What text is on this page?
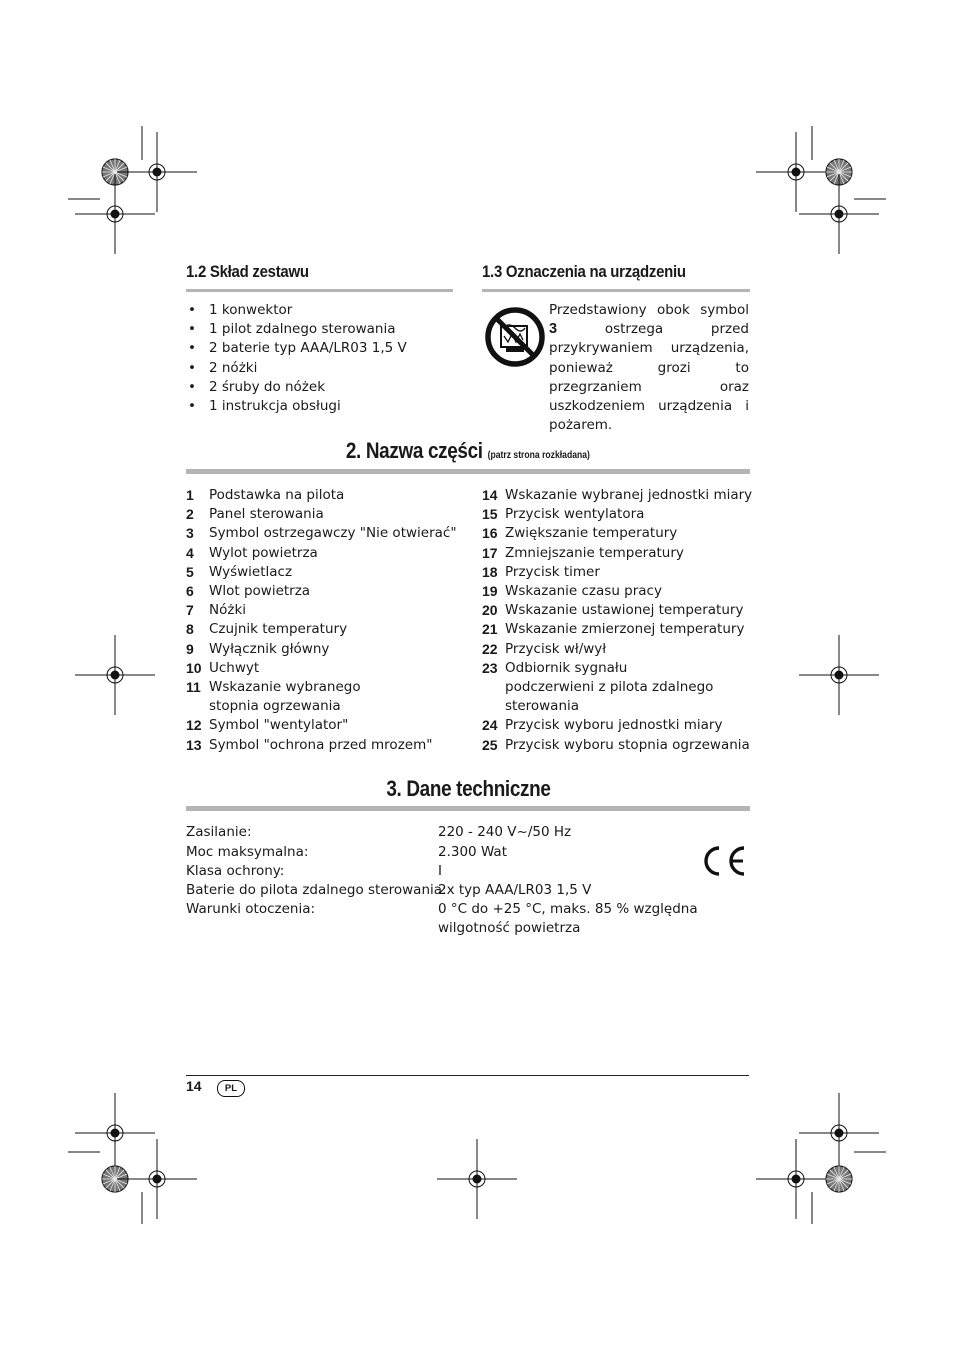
1.2 Skład zestawu
• 1 konwektor
• 1 pilot zdalnego sterowania
• 2 baterie typ AAA/LR03 1,5 V
• 2 nóżki
• 2 śruby do nóżek
• 1 instrukcja obsługi
1.3 Oznaczenia na urządzeniu
Przedstawiony obok symbol 3	ostrzega przed przykrywaniem urządzenia, ponieważ grozi to przegrzaniem oraz uszkodzeniem urządzenia i pożarem.
2. Nazwa części (patrz strona rozkładana)
1 Podstawka na pilota
2 Panel sterowania
3 Symbol ostrzegawczy "Nie otwierać"
4 Wylot powietrza
5 Wyświetlacz
6 Wlot powietrza
7 Nóżki
8 Czujnik temperatury
9 Wyłącznik główny
10 Uchwyt
11 Wskazanie wybranego stopnia ogrzewania
12 Symbol "wentylator"
13 Symbol "ochrona przed mrozem"
14 Wskazanie wybranej jednostki miary
15 Przycisk wentylatora
16 Zwiększanie temperatury
17 Zmniejszanie temperatury
18 Przycisk timer
19 Wskazanie czasu pracy
20 Wskazanie ustawionej temperatury
21 Wskazanie zmierzonej temperatury
22 Przycisk wł/wył
23 Odbiornik sygnału podczerwieni z pilota zdalnego sterowania
24 Przycisk wyboru jednostki miary
25 Przycisk wyboru stopnia ogrzewania
3. Dane techniczne
Zasilanie:	220 - 240 V~/50 Hz
Moc maksymalna:	2.300 Wat
Klasa ochrony:	I
Baterie do pilota zdalnego sterowania:
2x typ AAA/LR03 1,5 V
Warunki otoczenia:	0 °C do +25 °C, maks. 85 % względna
wilgotność powietrza
14	PL
